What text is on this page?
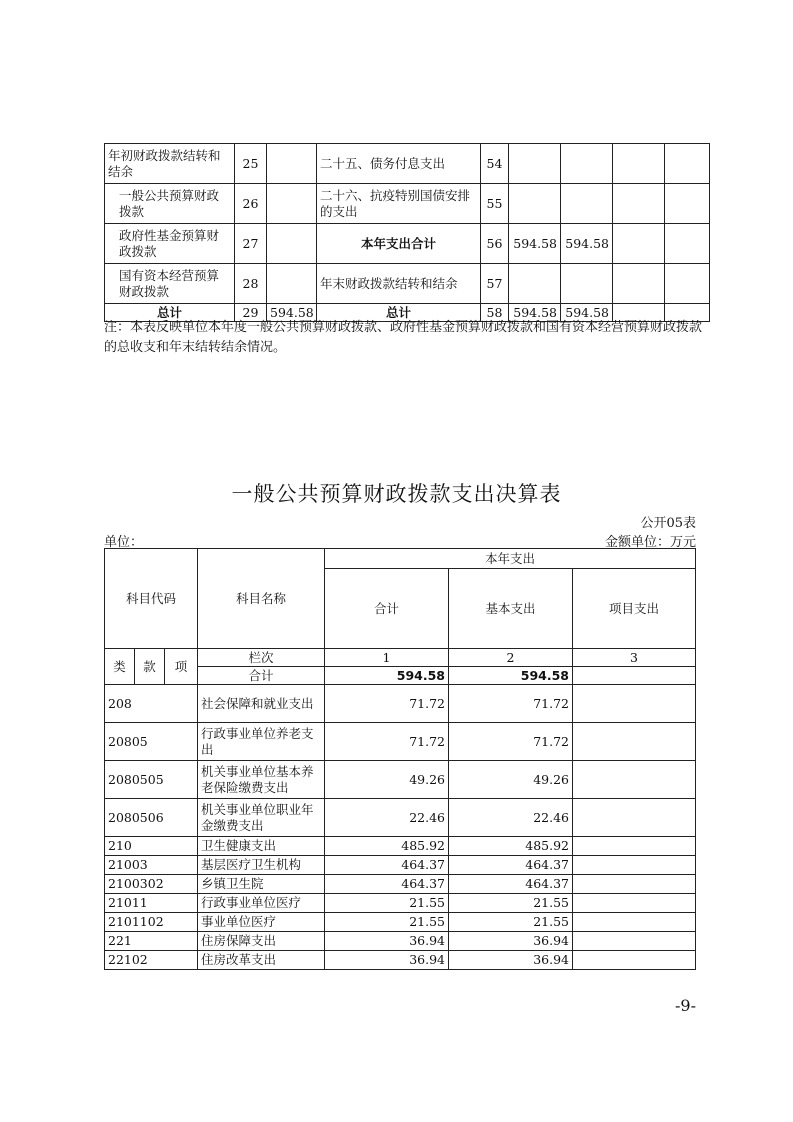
年初财政拨款结转和结余	25		二十五、债务付息支出	54				
一般公共预算财政拨款	26		二十六、抗疫特别国债安排的支出	55				
政府性基金预算财政拨款	27		本年支出合计	56	594.58	594.58		
国有资本经营预算财政拨款	28		年末财政拨款结转和结余	57				
总计	29	594.58	总计	58	594.58	594.58		
注：本表反映单位本年度一般公共预算财政拨款、政府性基金预算财政拨款和国有资本经营预算财政拨款的总收支和年末结转结余情况。
一般公共预算财政拨款支出决算表
公开05表
单位：	金额单位：万元
科目代码			科目名称	本年支出		
				合计	基本支出	项目支出
类	款	项	栏次	1	2	3
			合计	594.58	594.58	
208			社会保障和就业支出	71.72	71.72	
20805			行政事业单位养老支出	71.72	71.72	
2080505			机关事业单位基本养老保险缴费支出	49.26	49.26	
2080506			机关事业单位职业年金缴费支出	22.46	22.46	
210			卫生健康支出	485.92	485.92	
21003			基层医疗卫生机构	464.37	464.37	
2100302			乡镇卫生院	464.37	464.37	
21011			行政事业单位医疗	21.55	21.55	
2101102			事业单位医疗	21.55	21.55	
221			住房保障支出	36.94	36.94	
22102			住房改革支出	36.94	36.94	
-9-
